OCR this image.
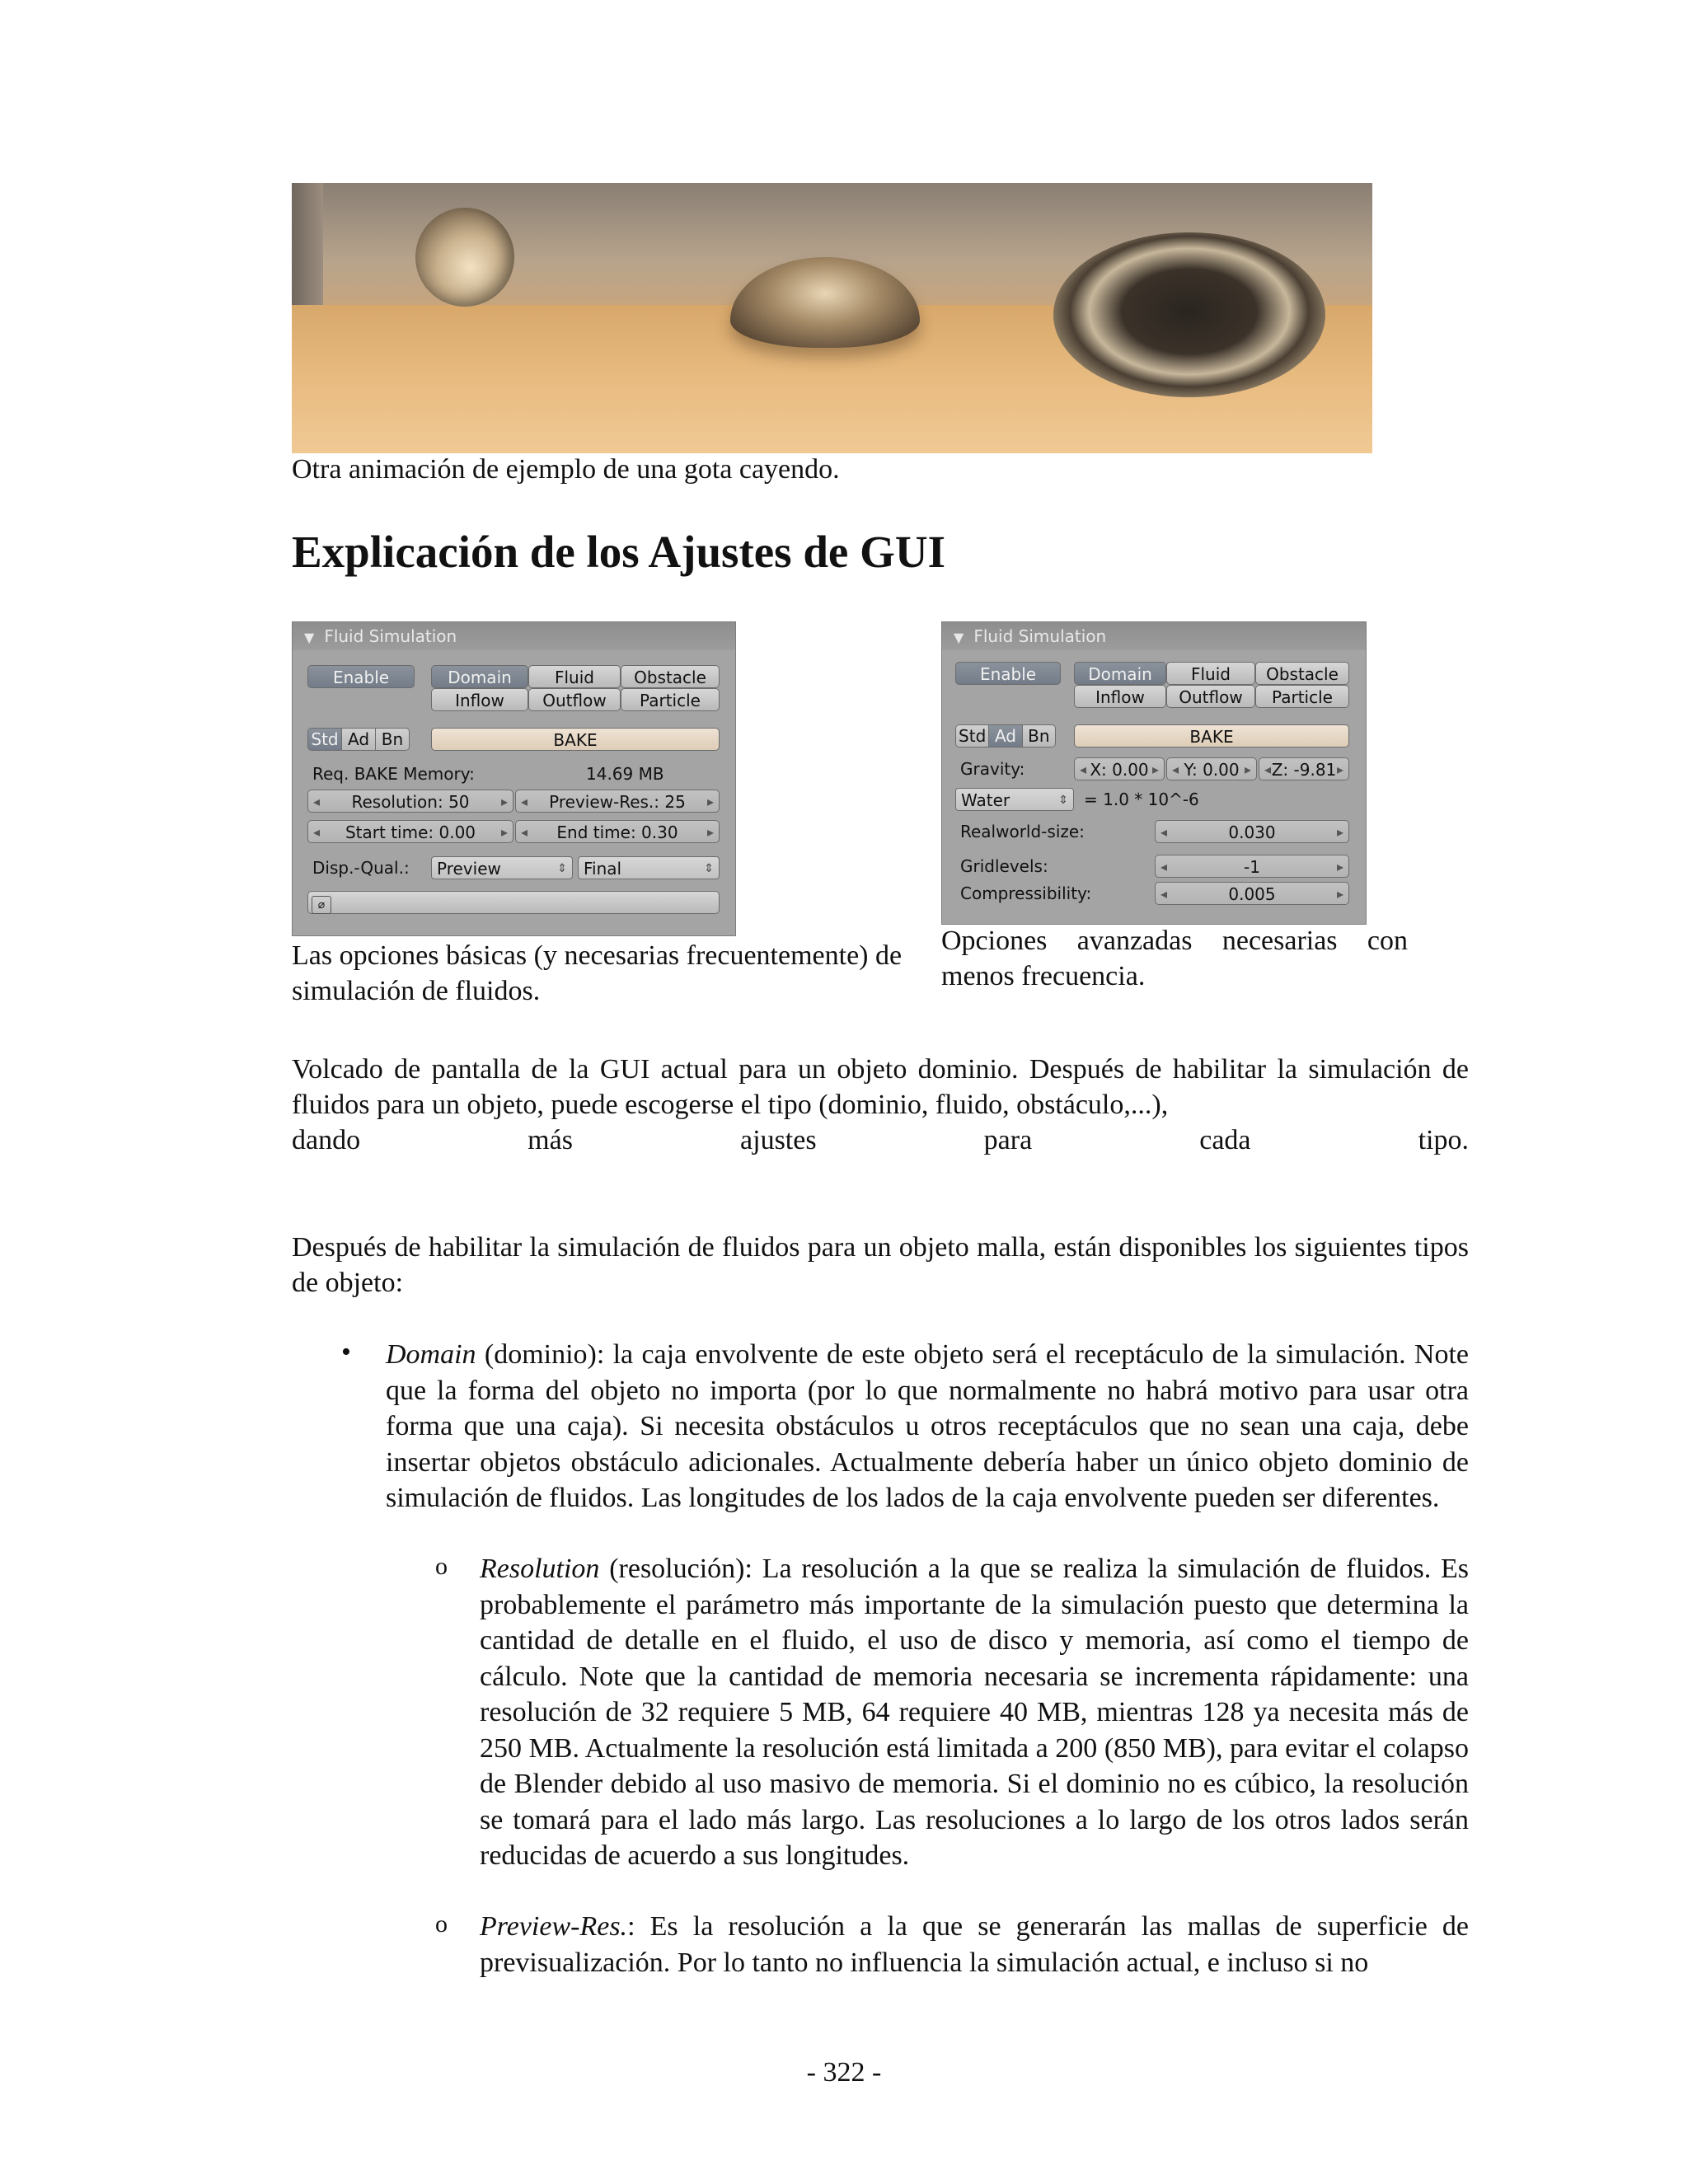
Otra animación de ejemplo de una gota cayendo.
Explicación de los Ajustes de GUI
▼ Fluid Simulation
Enable	Domain	Fluid	Obstacle
Inflow	Outflow	Particle
Std Ad Bn	BAKE
Req. BAKE Memory:	14.69 MB
◂ Resolution: 50 ▸	◂ Preview-Res.: 25 ▸
◂ Start time: 0.00 ▸	◂ End time: 0.30 ▸
Disp.-Qual.:	Preview	⇕	Final	⇕
⌀
▼ Fluid Simulation
Enable	Domain	Fluid	Obstacle
Inflow	Outflow	Particle
Std Ad Bn	BAKE
Gravity:	◂ X: 0.00 ▸	◂ Y: 0.00 ▸	◂ Z: -9.81 ▸
Water	⇕ = 1.0 * 10^-6
Realworld-size:	◂ 0.030 ▸
Gridlevels:	◂ -1 ▸
Compressibility:	◂ 0.005 ▸
Las opciones básicas (y necesarias frecuentemente) de simulación de fluidos.
Opciones avanzadas necesarias con menos frecuencia.
Volcado de pantalla de la GUI actual para un objeto dominio. Después de habilitar la simulación de fluidos para un objeto, puede escogerse el tipo (dominio, fluido, obstáculo,...),
dando más ajustes para cada tipo.
Después de habilitar la simulación de fluidos para un objeto malla, están disponibles los siguientes tipos de objeto:
• Domain (dominio): la caja envolvente de este objeto será el receptáculo de la simulación. Note que la forma del objeto no importa (por lo que normalmente no habrá motivo para usar otra forma que una caja). Si necesita obstáculos u otros receptáculos que no sean una caja, debe insertar objetos obstáculo adicionales. Actualmente debería haber un único objeto dominio de simulación de fluidos. Las longitudes de los lados de la caja envolvente pueden ser diferentes.
o Resolution (resolución): La resolución a la que se realiza la simulación de fluidos. Es probablemente el parámetro más importante de la simulación puesto que determina la cantidad de detalle en el fluido, el uso de disco y memoria, así como el tiempo de cálculo. Note que la cantidad de memoria necesaria se incrementa rápidamente: una resolución de 32 requiere 5 MB, 64 requiere 40 MB, mientras 128 ya necesita más de 250 MB. Actualmente la resolución está limitada a 200 (850 MB), para evitar el colapso de Blender debido al uso masivo de memoria. Si el dominio no es cúbico, la resolución se tomará para el lado más largo. Las resoluciones a lo largo de los otros lados serán reducidas de acuerdo a sus longitudes.
o Preview-Res.: Es la resolución a la que se generarán las mallas de superficie de previsualización. Por lo tanto no influencia la simulación actual, e incluso si no
- 322 -
